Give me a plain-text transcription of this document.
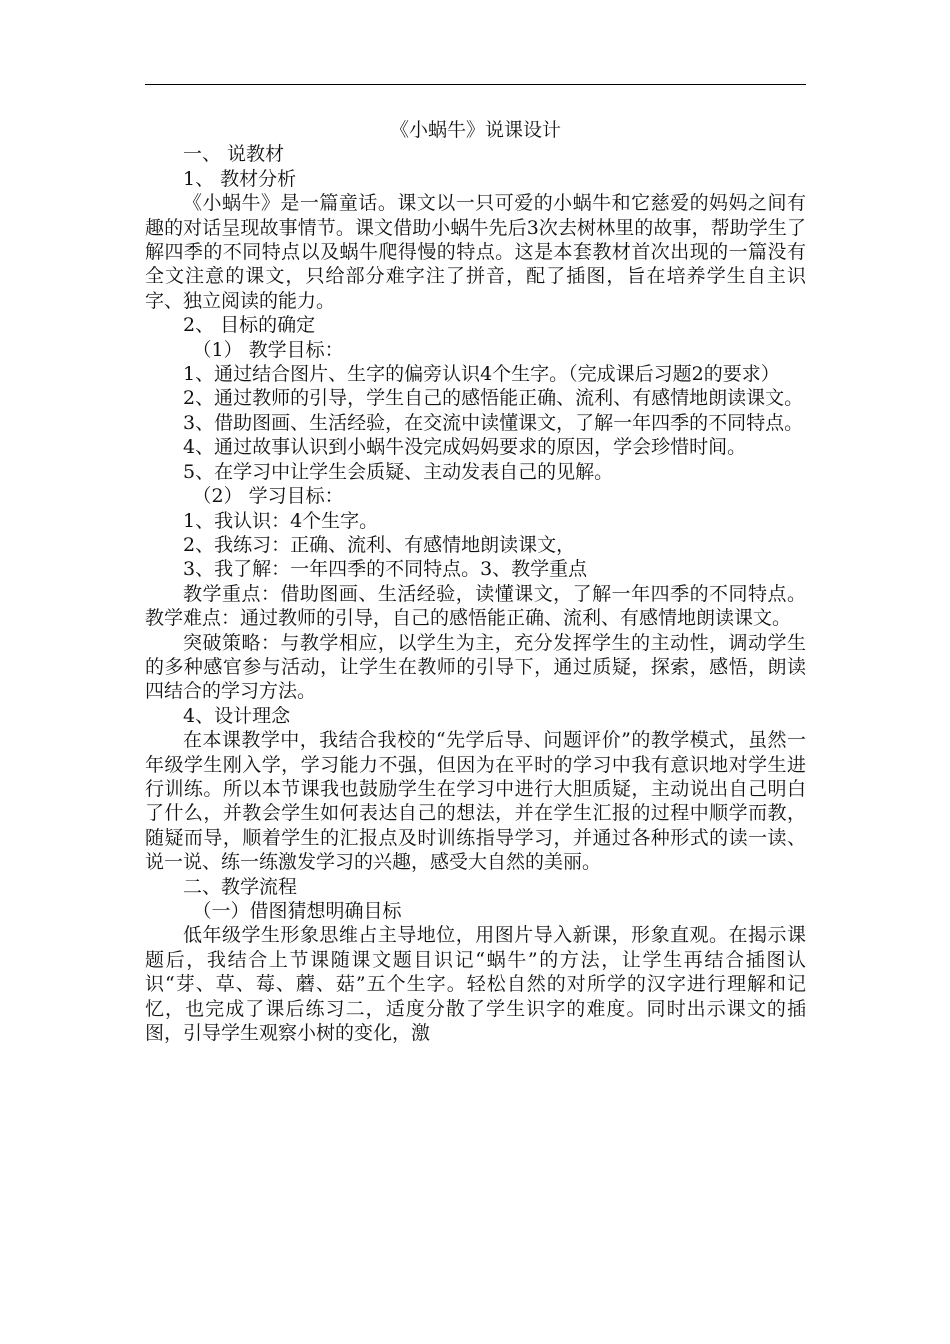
《小蜗牛》说课设计

一、 说教材

1、 教材分析

《小蜗牛》是一篇童话。课文以一只可爱的小蜗牛和它慈爱的妈妈之间有 趣的对话呈现故事情节。课文借助小蜗牛先后3次去树林里的故事，帮助学生了解四季的不同特点以及蜗牛爬得慢的特点。这是本套教材首次出现的一篇没有全文注意的课文，只给部分难字注了拼音，配了插图，旨在培养学生自主识字、独立阅读的能力。

2、 目标的确定

（1） 教学目标：

1、通过结合图片、生字的偏旁认识4个生字。（完成课后习题2的要求）

2、通过教师的引导，学生自己的感悟能正确、流利、有感情地朗读课文。

3、借助图画、生活经验，在交流中读懂课文，了解一年四季的不同特点。

4、通过故事认识到小蜗牛没完成妈妈要求的原因，学会珍惜时间。

5、在学习中让学生会质疑、主动发表自己的见解。

（2） 学习目标：

1、我认识：4个生字。

2、我练习：正确、流利、有感情地朗读课文，

3、我了解：一年四季的不同特点。3、教学重点

教学重点：借助图画、生活经验，读懂课文，了解一年四季的不同特点。 教学难点：通过教师的引导，自己的感悟能正确、流利、有感情地朗读课文。

突破策略：与教学相应，以学生为主，充分发挥学生的主动性，调动学生的多种感官参与活动，让学生在教师的引导下，通过质疑，探索，感悟，朗读四结合的学习方法。

4、设计理念

在本课教学中，我结合我校的“先学后导、问题评价”的教学模式，虽然一年级学生刚入学，学习能力不强，但因为在平时的学习中我有意识地对学生进行训练。所以本节课我也鼓励学生在学习中进行大胆质疑，主动说出自己明白了什么，并教会学生如何表达自己的想法，并在学生汇报的过程中顺学而教，随疑而导，顺着学生的汇报点及时训练指导学习，并通过各种形式的读一读、说一说、练一练激发学习的兴趣，感受大自然的美丽。

二、教学流程

（一）借图猜想明确目标

低年级学生形象思维占主导地位，用图片导入新课，形象直观。在揭示课题后，我结合上节课随课文题目识记“蜗牛”的方法，让学生再结合插图认识“芽、草、莓、蘑、菇”五个生字。轻松自然的对所学的汉字进行理解和记忆，也完成了课后练习二，适度分散了学生识字的难度。同时出示课文的插图，引导学生观察小树的变化，激
